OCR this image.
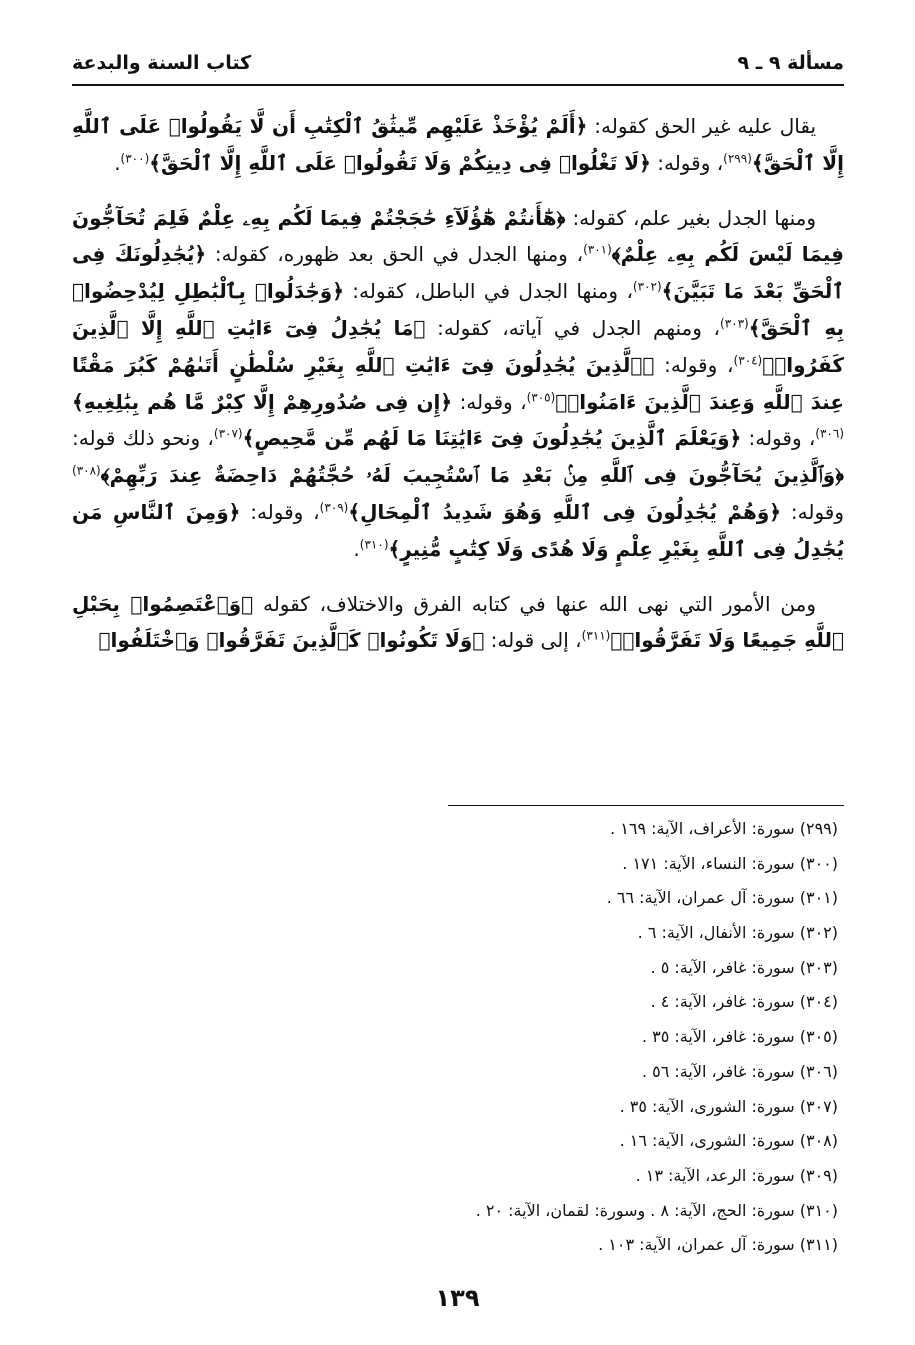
مسألة ٩ ـ ٩
كتاب السنة والبدعة

يقال عليه غير الحق كقوله: ﴿أَلَمْ يُؤْخَذْ عَلَيْهِم مِّيثَٰقُ ٱلْكِتَٰبِ أَن لَّا يَقُولُوا۟ عَلَى ٱللَّهِ إِلَّا ٱلْحَقَّ﴾$^{(٢٩٩)}$، وقوله: ﴿لَا تَغْلُوا۟ فِى دِينِكُمْ وَلَا تَقُولُوا۟ عَلَى ٱللَّهِ إِلَّا ٱلْحَقَّ﴾$^{(٣٠٠)}$.

ومنها الجدل بغير علم، كقوله: ﴿هَٰٓأَنتُمْ هَٰٓؤُلَآءِ حَٰجَجْتُمْ فِيمَا لَكُم بِهِۦ عِلْمٌ فَلِمَ تُحَآجُّونَ فِيمَا لَيْسَ لَكُم بِهِۦ عِلْمٌ﴾$^{(٣٠١)}$، ومنها الجدل في الحق بعد ظهوره، كقوله: ﴿يُجَٰدِلُونَكَ فِى ٱلْحَقِّ بَعْدَ مَا تَبَيَّنَ﴾$^{(٣٠٢)}$، ومنها الجدل في الباطل، كقوله: ﴿وَجَٰدَلُوا۟ بِٱلْبَٰطِلِ لِيُدْحِضُوا۟ بِهِ ٱلْحَقَّ﴾$^{(٣٠٣)}$، ومنهم الجدل في آياته، كقوله: ﴿مَا يُجَٰدِلُ فِىٓ ءَايَٰتِ ٱللَّهِ إِلَّا ٱلَّذِينَ كَفَرُوا۟﴾$^{(٣٠٤)}$، وقوله: ﴿ٱلَّذِينَ يُجَٰدِلُونَ فِىٓ ءَايَٰتِ ٱللَّهِ بِغَيْرِ سُلْطَٰنٍ أَتَىٰهُمْ كَبُرَ مَقْتًا عِندَ ٱللَّهِ وَعِندَ ٱلَّذِينَ ءَامَنُوا۟﴾$^{(٣٠٥)}$، وقوله: ﴿إِن فِى صُدُورِهِمْ إِلَّا كِبْرٌ مَّا هُم بِبَٰلِغِيهِ﴾$^{(٣٠٦)}$، وقوله: ﴿وَيَعْلَمَ ٱلَّذِينَ يُجَٰدِلُونَ فِىٓ ءَايَٰتِنَا مَا لَهُم مِّن مَّحِيصٍ﴾$^{(٣٠٧)}$، ونحو ذلك قوله: ﴿وَٱلَّذِينَ يُحَآجُّونَ فِى ٱللَّهِ مِنۢ بَعْدِ مَا ٱسْتُجِيبَ لَهُۥ حُجَّتُهُمْ دَاحِضَةٌ عِندَ رَبِّهِمْ﴾$^{(٣٠٨)}$ وقوله: ﴿وَهُمْ يُجَٰدِلُونَ فِى ٱللَّهِ وَهُوَ شَدِيدُ ٱلْمِحَالِ﴾$^{(٣٠٩)}$، وقوله: ﴿وَمِنَ ٱلنَّاسِ مَن يُجَٰدِلُ فِى ٱللَّهِ بِغَيْرِ عِلْمٍ وَلَا هُدًى وَلَا كِتَٰبٍ مُّنِيرٍ﴾$^{(٣١٠)}$.

ومن الأمور التي نهى الله عنها في كتابه الفرق والاختلاف، كقوله ﴿وَٱعْتَصِمُوا۟ بِحَبْلِ ٱللَّهِ جَمِيعًا وَلَا تَفَرَّقُوا۟﴾$^{(٣١١)}$، إلى قوله: ﴿وَلَا تَكُونُوا۟ كَٱلَّذِينَ تَفَرَّقُوا۟ وَٱخْتَلَفُوا۟

(٢٩٩) سورة: الأعراف، الآية: ١٦٩ .
(٣٠٠) سورة: النساء، الآية: ١٧١ .
(٣٠١) سورة: آل عمران، الآية: ٦٦ .
(٣٠٢) سورة: الأنفال، الآية: ٦ .
(٣٠٣) سورة: غافر، الآية: ٥ .
(٣٠٤) سورة: غافر، الآية: ٤ .
(٣٠٥) سورة: غافر، الآية: ٣٥ .
(٣٠٦) سورة: غافر، الآية: ٥٦ .
(٣٠٧) سورة: الشورى، الآية: ٣٥ .
(٣٠٨) سورة: الشورى، الآية: ١٦ .
(٣٠٩) سورة: الرعد، الآية: ١٣ .
(٣١٠) سورة: الحج، الآية: ٨ . وسورة: لقمان، الآية: ٢٠ .
(٣١١) سورة: آل عمران، الآية: ١٠٣ .
١٣٩
